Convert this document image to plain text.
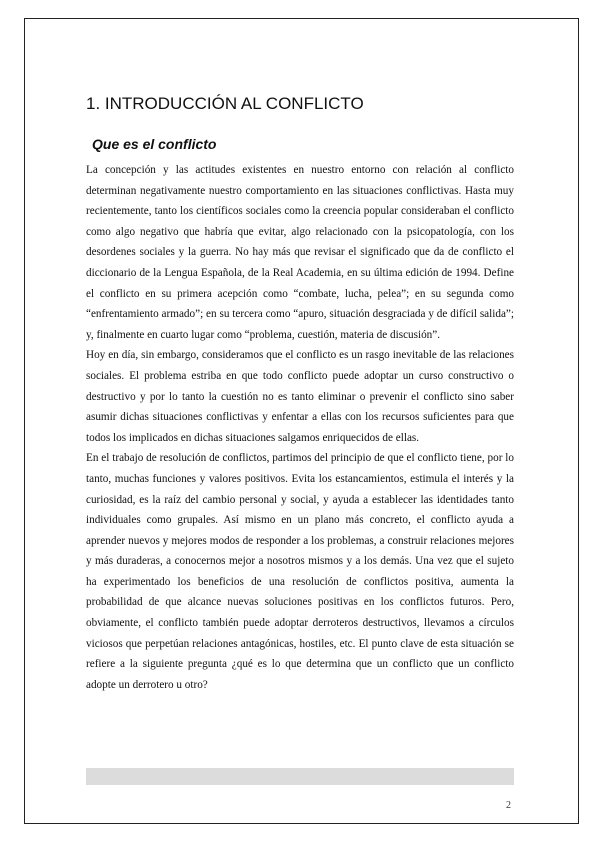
1. INTRODUCCIÓN AL CONFLICTO
Que es el conflicto

La concepción y las actitudes existentes en nuestro entorno con relación al conflicto determinan negativamente nuestro comportamiento en las situaciones conflictivas. Hasta muy recientemente, tanto los científicos sociales como la creencia popular consideraban el conflicto como algo negativo que habría que evitar, algo relacionado con la psicopatología, con los desordenes sociales y la guerra. No hay más que revisar el significado que da de conflicto el diccionario de la Lengua Española, de la Real Academia, en su última edición de 1994. Define el conflicto en su primera acepción como “combate, lucha, pelea”; en su segunda como “enfrentamiento armado”; en su tercera como “apuro, situación desgraciada y de difícil salida”; y, finalmente en cuarto lugar como “problema, cuestión, materia de discusión”.

Hoy en día, sin embargo, consideramos que el conflicto es un rasgo inevitable de las relaciones sociales. El problema estriba en que todo conflicto puede adoptar un curso constructivo o destructivo y por lo tanto la cuestión no es tanto eliminar o prevenir el conflicto sino saber asumir dichas situaciones conflictivas y enfentar a ellas con los recursos suficientes para que todos los implicados en dichas situaciones salgamos enriquecidos de ellas.

En el trabajo de resolución de conflictos, partimos del principio de que el conflicto tiene, por lo tanto, muchas funciones y valores positivos. Evita los estancamientos, estimula el interés y la curiosidad, es la raíz del cambio personal y social, y ayuda a establecer las identidades tanto individuales como grupales. Así mismo en un plano más concreto, el conflicto ayuda a aprender nuevos y mejores modos de responder a los problemas, a construir relaciones mejores y más duraderas, a conocernos mejor a nosotros mismos y a los demás. Una vez que el sujeto ha experimentado los beneficios de una resolución de conflictos positiva, aumenta la probabilidad de que alcance nuevas soluciones positivas en los conflictos futuros. Pero, obviamente, el conflicto también puede adoptar derroteros destructivos, llevamos a círculos viciosos que perpetúan relaciones antagónicas, hostiles, etc. El punto clave de esta situación se refiere a la siguiente pregunta ¿qué es lo que determina que un conflicto que un conflicto adopte un derrotero u otro?

2
